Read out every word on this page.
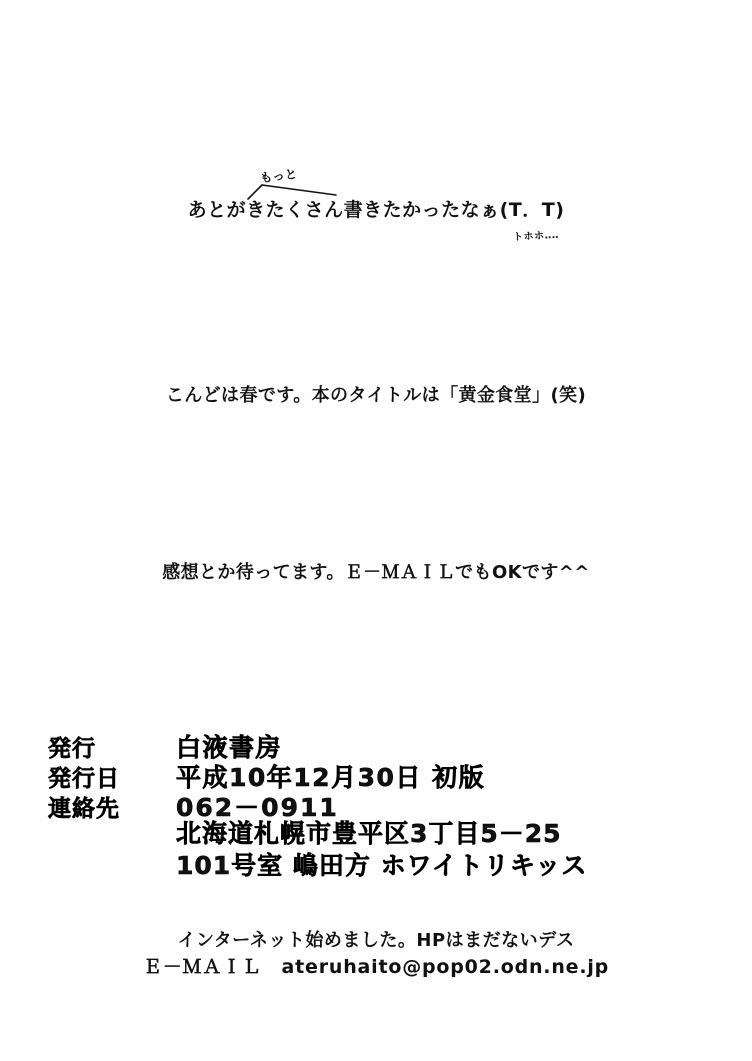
もっと
あとがきたくさん書きたかったなぁ(T．T)
トホホ‥‥
こんどは春です。本のタイトルは「黄金食堂」(笑)
感想とか待ってます。Ｅ－ＭＡＩＬでもOKです^^
発行	白液書房
発行日	平成10年12月30日 初版
連絡先	062－0911
北海道札幌市豊平区3丁目5－25
101号室 嶋田方 ホワイトリキッス
インターネット始めました。HPはまだないデス
Ｅ－ＭＡＩＬ　ateruhaito@pop02.odn.ne.jp
